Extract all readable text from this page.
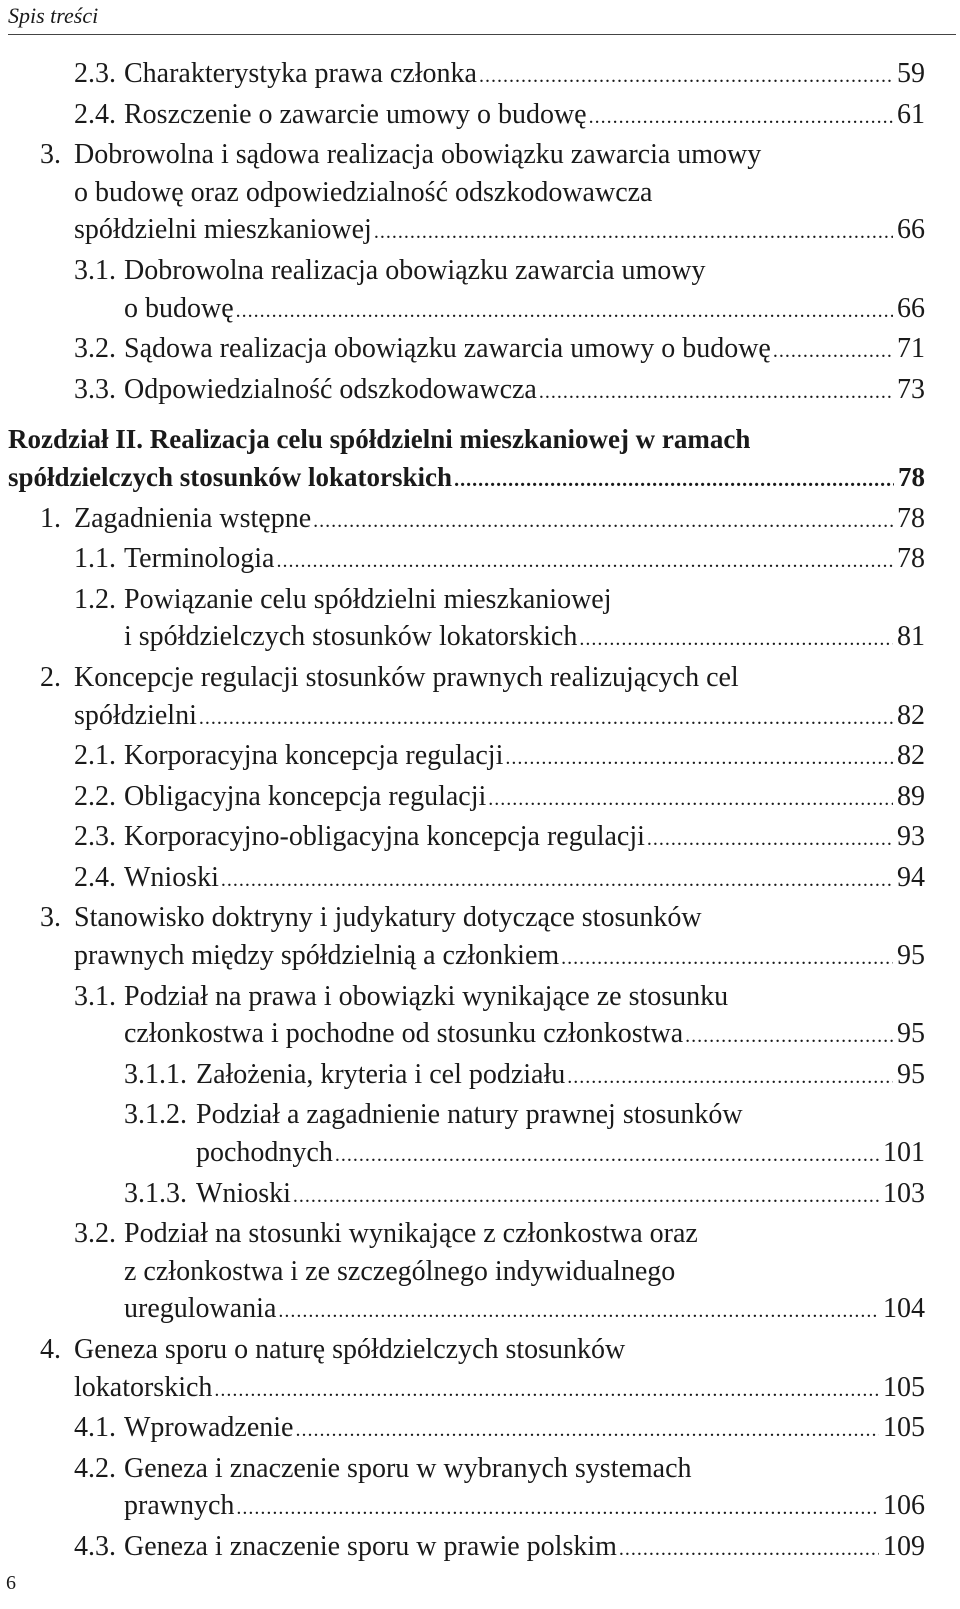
Spis treści
2.3. Charakterystyka prawa członka .....	59
2.4. Roszczenie o zawarcie umowy o budowę .....	61
3. Dobrowolna i sądowa realizacja obowiązku zawarcia umowy
o budowę oraz odpowiedzialność odszkodowawcza
spółdzielni mieszkaniowej .....	66
3.1. Dobrowolna realizacja obowiązku zawarcia umowy
o budowę .....	66
3.2. Sądowa realizacja obowiązku zawarcia umowy o budowę .....	71
3.3. Odpowiedzialność odszkodowawcza .....	73
Rozdział II. Realizacja celu spółdzielni mieszkaniowej w ramach
spółdzielczych stosunków lokatorskich .....	78
1. Zagadnienia wstępne .....	78
1.1. Terminologia .....	78
1.2. Powiązanie celu spółdzielni mieszkaniowej
i spółdzielczych stosunków lokatorskich .....	81
2. Koncepcje regulacji stosunków prawnych realizujących cel
spółdzielni .....	82
2.1. Korporacyjna koncepcja regulacji .....	82
2.2. Obligacyjna koncepcja regulacji .....	89
2.3. Korporacyjno-obligacyjna koncepcja regulacji .....	93
2.4. Wnioski .....	94
3. Stanowisko doktryny i judykatury dotyczące stosunków
prawnych między spółdzielnią a członkiem .....	95
3.1. Podział na prawa i obowiązki wynikające ze stosunku
członkostwa i pochodne od stosunku członkostwa .....	95
3.1.1. Założenia, kryteria i cel podziału .....	95
3.1.2. Podział a zagadnienie natury prawnej stosunków
pochodnych .....	101
3.1.3. Wnioski .....	103
3.2. Podział na stosunki wynikające z członkostwa oraz
z członkostwa i ze szczególnego indywidualnego
uregulowania .....	104
4. Geneza sporu o naturę spółdzielczych stosunków
lokatorskich .....	105
4.1. Wprowadzenie .....	105
4.2. Geneza i znaczenie sporu w wybranych systemach
prawnych .....	106
4.3. Geneza i znaczenie sporu w prawie polskim .....	109
6
